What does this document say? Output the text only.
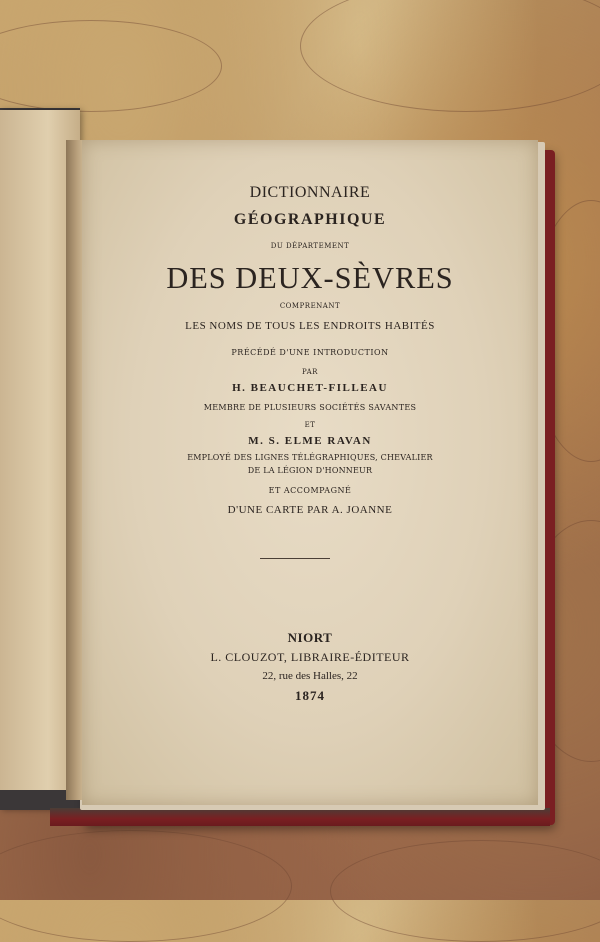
DICTIONNAIRE
GÉOGRAPHIQUE
DU DÉPARTEMENT
DES DEUX-SÈVRES
COMPRENANT
LES NOMS DE TOUS LES ENDROITS HABITÉS
PRÉCÉDÉ D'UNE INTRODUCTION
PAR
H. BEAUCHET-FILLEAU
MEMBRE DE PLUSIEURS SOCIÉTÉS SAVANTES
ET
M. S. ELME RAVAN
EMPLOYÉ DES LIGNES TÉLÉGRAPHIQUES, CHEVALIER
DE LA LÉGION D'HONNEUR
ET ACCOMPAGNÉ
D'UNE CARTE PAR A. JOANNE
NIORT
L. CLOUZOT, LIBRAIRE-ÉDITEUR
22, rue des Halles, 22
1874
